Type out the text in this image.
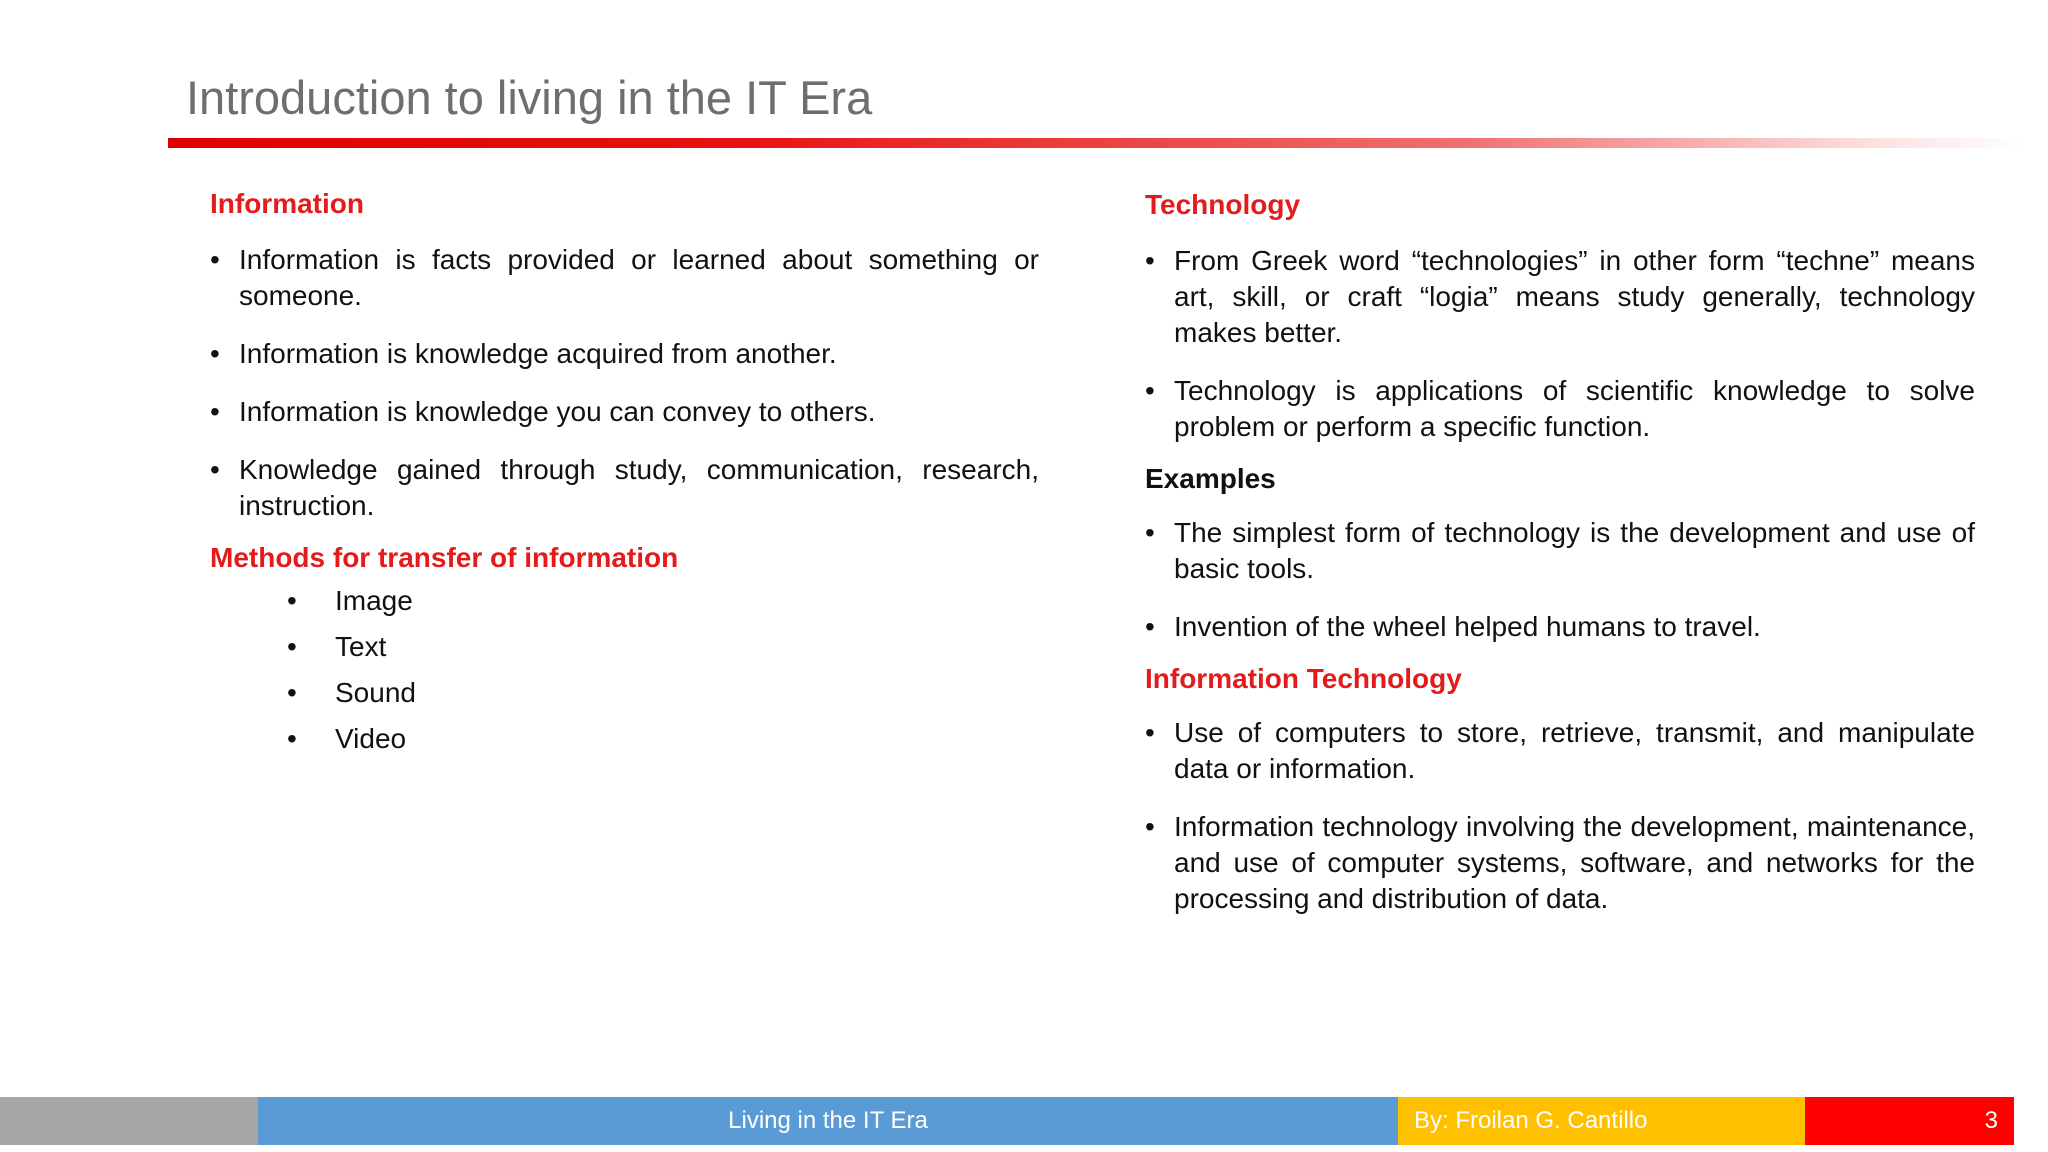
Introduction to living in the IT Era
Information
• Information is facts provided or learned about something or someone.
• Information is knowledge acquired from another.
• Information is knowledge you can convey to others.
• Knowledge gained through study, communication, research, instruction.
Methods for transfer of information
• Image
• Text
• Sound
• Video
Technology
• From Greek word “technologies” in other form “techne” means art, skill, or craft “logia” means study generally, technology makes better.
• Technology is applications of scientific knowledge to solve problem or perform a specific function.
Examples
• The simplest form of technology is the development and use of basic tools.
• Invention of the wheel helped humans to travel.
Information Technology
• Use of computers to store, retrieve, transmit, and manipulate data or information.
• Information technology involving the development, maintenance, and use of computer systems, software, and networks for the processing and distribution of data.
Living in the IT Era	By: Froilan G. Cantillo	3
